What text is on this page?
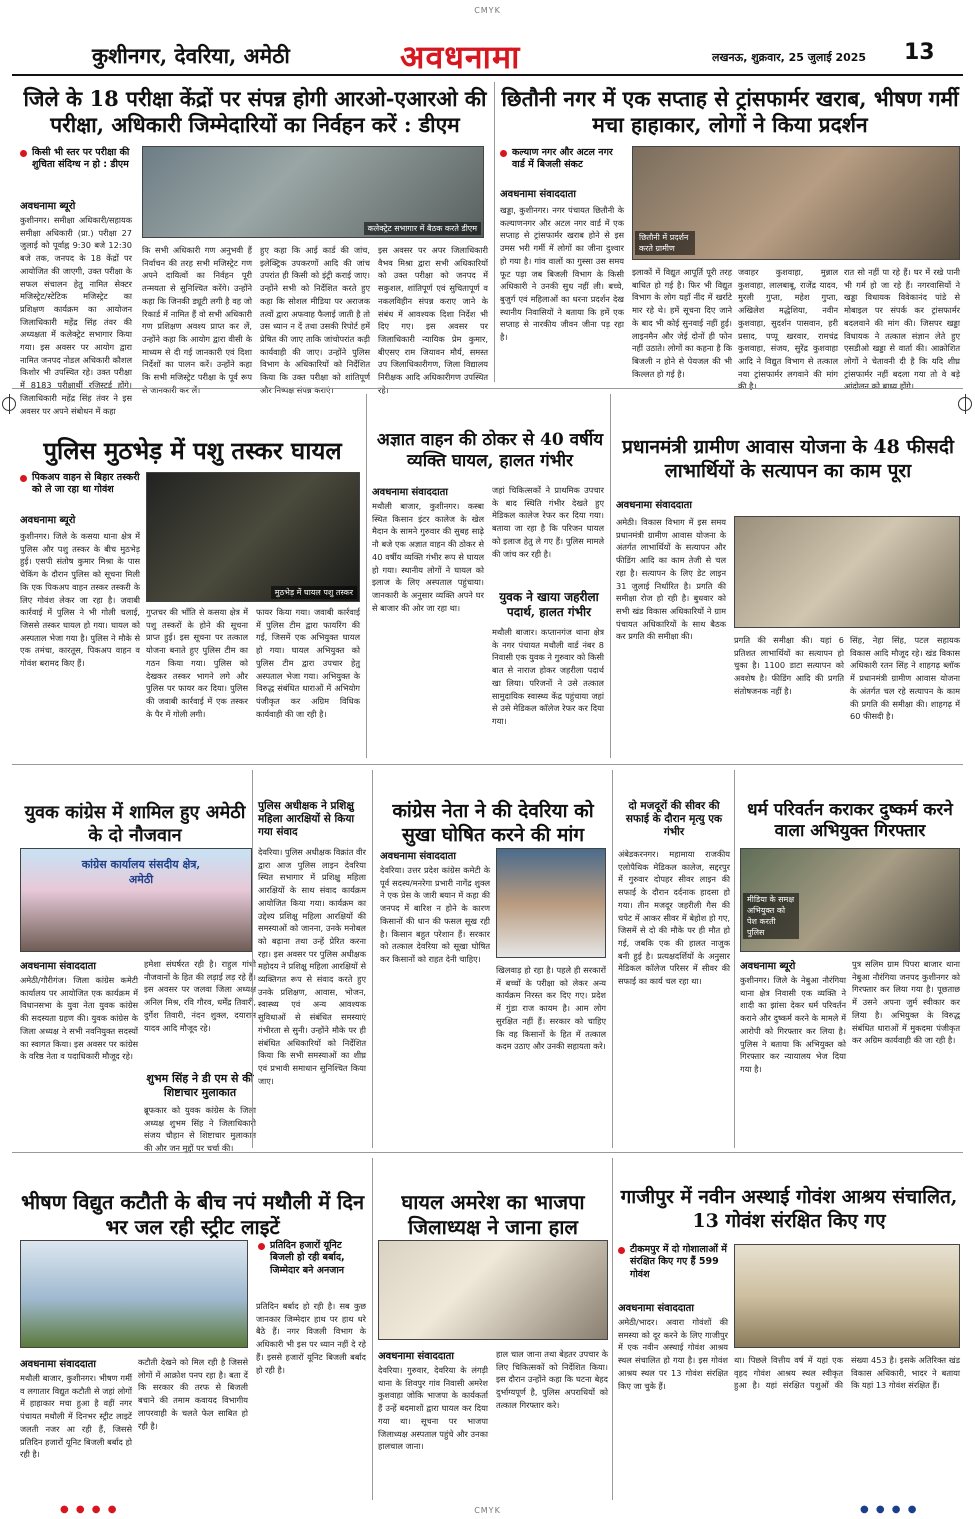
CMYK
कुशीनगर, देवरिया, अमेठी	अवधनामा	लखनऊ, शुक्रवार, 25 जुलाई 2025 13
जिले के 18 परीक्षा केंद्रों पर संपन्न होगी आरओ-एआरओ की परीक्षा, अधिकारी जिम्मेदारियों का निर्वहन करें : डीएम
किसी भी स्तर पर परीक्षा की शुचिता संदिग्ध न हो : डीएम
अवधनामा ब्यूरो
कुशीनगर। समीक्षा अधिकारी/सहायक समीक्षा अधिकारी (प्रा.) परीक्षा 27 जुलाई को पूर्वाह्न 9:30 बजे 12:30 बजे तक, जनपद के 18 केंद्रों पर आयोजित की जाएगी, उक्त परीक्षा के सफल संचालन हेतु नामित सेक्टर मजिस्ट्रेट/स्टेटिक मजिस्ट्रेट का प्रशिक्षण कार्यक्रम का आयोजन जिलाधिकारी महेंद्र सिंह तंवर की अध्यक्षता में कलेक्ट्रेट सभागार किया गया। इस अवसर पर आयोग द्वारा नामित जनपद नोडल अधिकारी कौशल किशोर भी उपस्थित रहे। उक्त परीक्षा में 8183 परीक्षार्थी रजिस्टर्ड होंगे। जिलाधिकारी महेंद्र सिंह तंवर ने इस अवसर पर अपने संबोधन में कहा
कलेक्ट्रेट सभागार में बैठक करते डीएम
कि सभी अधिकारी गण अनुभवी हैं निर्वाचन की तरह सभी मजिस्ट्रेट गण अपने दायित्वों का निर्वहन पूरी तन्मयता से सुनिश्चित करेंगे। उन्होंने कहा कि जिनकी ड्यूटी लगी है वह जो रिकार्ड में नामित हैं वो सभी अधिकारी गण प्रशिक्षण अवश्य प्राप्त कर लें, उन्होंने कहा कि आयोग द्वारा वीसी के माध्यम से दी गई जानकारी एवं दिशा निर्देशों का पालन करें। उन्होंने कहा कि सभी मजिस्ट्रेट परीक्षा के पूर्व रूप से जानकारी कर लें।
हुए कहा कि आई कार्ड की जांच, इलेक्ट्रिक उपकरणों आदि की जांच उपरांत ही किसी को इंट्री कराई जाए। उन्होंने सभी को निर्देशित करते हुए कहा कि सोशल मीडिया पर अराजक तत्वों द्वारा अफवाह फैलाई जाती है तो उस ध्यान न दें तथा उसकी रिपोर्ट हमें प्रेषित की जाए ताकि जांचोपरांत कड़ी कार्यवाही की जाए। उन्होंने पुलिस विभाग के अधिकारियों को निर्देशित किया कि उक्त परीक्षा को शांतिपूर्ण और निष्पक्ष संपन्न कराएं।
इस अवसर पर अपर जिलाधिकारी वैभव मिश्रा द्वारा सभी अधिकारियों को उक्त परीक्षा को जनपद में सकुशल, शांतिपूर्ण एवं सुचितापूर्ण व नकलविहीन संपन्न कराए जाने के संबंध में आवश्यक दिशा निर्देश भी दिए गए। इस अवसर पर जिलाधिकारी न्यायिक प्रेम कुमार, बीएसए राम जियावन मौर्य, समस्त उप जिलाधिकारीगण, जिला विद्यालय निरीक्षक आदि अधिकारीगण उपस्थित रहे।
छितौनी नगर में एक सप्ताह से ट्रांसफार्मर खराब, भीषण गर्मी मचा हाहाकार, लोगों ने किया प्रदर्शन
कल्याण नगर और अटल नगर वार्ड में बिजली संकट
अवधनामा संवाददाता
खड्डा, कुशीनगर। नगर पंचायत छितौनी के कल्याणनगर और अटल नगर वार्ड में एक सप्ताह से ट्रांसफार्मर खराब होने से इस उमस भरी गर्मी में लोगों का जीना दुश्वार हो गया है। गांव वालों का गुस्सा उस समय फूट पड़ा जब बिजली विभाग के किसी अधिकारी ने उनकी सुध नहीं ली। बच्चे, बुजुर्ग एवं महिलाओं का धरना प्रदर्शन देख स्थानीय निवासियों ने बताया कि हमें एक सप्ताह से नारकीय जीवन जीना पड़ रहा है।
छितौनी में प्रदर्शन करते ग्रामीण
इलाकों में विद्युत आपूर्ति पूरी तरह बाधित हो गई है। फिर भी विद्युत विभाग के लोग यहाँ नींद में खर्राटे मार रहे थे। हमें सूचना दिए जाने के बाद भी कोई सुनवाई नहीं हुई। लाइनमैन और जेई दोनों ही फोन नहीं उठाते। लोगों का कहना है कि बिजली न होने से पेयजल की भी किल्लत हो गई है।
जवाहर कुशवाहा, मुन्नाल कुशवाहा, लालबाबू, राजेंद्र यादव, मुरली गुप्ता, महेश गुप्ता, अखिलेश मद्धेशिया, नवीन कुशवाहा, सुदर्शन पासवान, हरी प्रसाद, पप्पू खरवार, रामचंद्र कुशवाहा, संजय, सुरेंद्र कुशवाहा आदि ने विद्युत विभाग से तत्काल नया ट्रांसफार्मर लगवाने की मांग की है।
रात सो नहीं पा रहे हैं। घर में रखे पानी भी गर्म हो जा रहे हैं। नगरवासियों ने खड्डा विधायक विवेकानंद पांडे से मोबाइल पर संपर्क कर ट्रांसफार्मर बदलवाने की मांग की। जिसपर खड्डा विधायक ने तत्काल संज्ञान लेते हुए एसडीओ खड्डा से वार्ता की। आक्रोशित लोगों ने चेतावनी दी है कि यदि शीघ्र ट्रांसफार्मर नहीं बदला गया तो वे बड़े आंदोलन को बाध्य होंगे।
पुलिस मुठभेड़ में पशु तस्कर घायल
पिकअप वाहन से बिहार तस्करी को ले जा रहा था गोवंश
अवधनामा ब्यूरो
कुशीनगर। जिले के कसया थाना क्षेत्र में पुलिस और पशु तस्कर के बीच मुठभेड़ हुई। एसपी संतोष कुमार मिश्रा के पास चेकिंग के दौरान पुलिस को सूचना मिली कि एक पिकअप वाहन तस्कर तस्करी के लिए गोवंश लेकर जा रहा है। जवाबी कार्रवाई में पुलिस ने भी गोली चलाई, जिससे तस्कर घायल हो गया। घायल को अस्पताल भेजा गया है। पुलिस ने मौके से एक तमंचा, कारतूस, पिकअप वाहन व गोवंश बरामद किए हैं।
मुठभेड़ में घायल पशु तस्कर
गुप्तचर की भाँति से कसया क्षेत्र में पशु तस्करों के होने की सूचना प्राप्त हुई। इस सूचना पर तत्काल योजना बनाते हुए पुलिस टीम का गठन किया गया। पुलिस को देखकर तस्कर भागने लगे और पुलिस पर फायर कर दिया। पुलिस की जवाबी कार्रवाई में एक तस्कर के पैर में गोली लगी।
फायर किया गया। जवाबी कार्रवाई में पुलिस टीम द्वारा फायरिंग की गई, जिसमें एक अभियुक्त घायल हो गया। घायल अभियुक्त को पुलिस टीम द्वारा उपचार हेतु अस्पताल भेजा गया। अभियुक्त के विरुद्ध संबंधित धाराओं में अभियोग पंजीकृत कर अग्रिम विधिक कार्यवाही की जा रही है।
अज्ञात वाहन की ठोकर से 40 वर्षीय व्यक्ति घायल, हालत गंभीर
अवधनामा संवाददाता
मथौली बाजार, कुशीनगर। कस्बा स्थित किसान इंटर कालेज के खेल मैदान के सामने गुरुवार की सुबह साढ़े नौ बजे एक अज्ञात वाहन की ठोकर से 40 वर्षीय व्यक्ति गंभीर रूप से घायल हो गया। स्थानीय लोगों ने घायल को इलाज के लिए अस्पताल पहुंचाया। जानकारी के अनुसार व्यक्ति अपने घर से बाजार की ओर जा रहा था।
जहां चिकित्सकों ने प्राथमिक उपचार के बाद स्थिति गंभीर देखते हुए मेडिकल कालेज रेफर कर दिया गया। बताया जा रहा है कि परिजन घायल को इलाज हेतु ले गए हैं। पुलिस मामले की जांच कर रही है।
युवक ने खाया जहरीला पदार्थ, हालत गंभीर
मथौली बाजार। कप्तानगंज थाना क्षेत्र के नगर पंचायत मथौली वार्ड नंबर 8 निवासी एक युवक ने गुरुवार को किसी बात से नाराज होकर जहरीला पदार्थ खा लिया। परिजनों ने उसे तत्काल सामुदायिक स्वास्थ्य केंद्र पहुंचाया जहां से उसे मेडिकल कॉलेज रेफर कर दिया गया।
प्रधानमंत्री ग्रामीण आवास योजना के 48 फीसदी लाभार्थियों के सत्यापन का काम पूरा
अवधनामा संवाददाता
अमेठी। विकास विभाग में इस समय प्रधानमंत्री ग्रामीण आवास योजना के अंतर्गत लाभार्थियों के सत्यापन और फीडिंग आदि का काम तेजी से चल रहा है। सत्यापन के लिए डेट लाइन 31 जुलाई निर्धारित है। प्रगति की समीक्षा रोज हो रही है। बुधवार को सभी खंड विकास अधिकारियों ने ग्राम पंचायत अधिकारियों के साथ बैठक कर प्रगति की समीक्षा की।	प्रगति की समीक्षा की। यहां 6 प्रतिशत लाभार्थियों का सत्यापन हो चुका है। 1100 डाटा सत्यापन को अवशेष है। फीडिंग आदि की प्रगति संतोषजनक नहीं है।
सिंह, नेहा सिंह, पटल सहायक विकास आदि मौजूद रहे। खंड विकास अधिकारी रतन सिंह ने शाहगढ़ ब्लॉक में प्रधानमंत्री ग्रामीण आवास योजना के अंतर्गत चल रहे सत्यापन के काम की प्रगति की समीक्षा की। शाहगढ़ में 60 फीसदी है।
युवक कांग्रेस में शामिल हुए अमेठी के दो नौजवान
कांग्रेस कार्यालय संसदीय क्षेत्र, अमेठी
अवधनामा संवाददाता
अमेठी/गौरीगंज। जिला कांग्रेस कमेटी कार्यालय पर आयोजित एक कार्यक्रम में विधानसभा के युवा नेता युवक कांग्रेस की सदस्यता ग्रहण की। युवक कांग्रेस के जिला अध्यक्ष ने सभी नवनियुक्त सदस्यों का स्वागत किया। इस अवसर पर कांग्रेस के वरिष्ठ नेता व पदाधिकारी मौजूद रहे।
हमेशा संघर्षरत रही है। राहुल गांधी नौजवानों के हित की लड़ाई लड़ रहे हैं। इस अवसर पर जलवा जिला अध्यक्ष अनिल मिश्र, रवि गौरव, धर्मेंद्र तिवारी, दुर्गेश तिवारी, नंदन शुक्ल, दयाराम यादव आदि मौजूद रहे।
शुभम सिंह ने डी एम से की शिष्टाचार मुलाकात
ब्रूफकार को युवक कांग्रेस के जिला अध्यक्ष शुभम सिंह ने जिलाधिकारी संजय चौहान से शिष्टाचार मुलाकात की और जन मुद्दों पर चर्चा की।
पुलिस अधीक्षक ने प्रशिक्षु महिला आरक्षियों से किया गया संवाद
देवरिया। पुलिस अधीक्षक विक्रांत वीर द्वारा आज पुलिस लाइन देवरिया स्थित सभागार में प्रशिक्षु महिला आरक्षियों के साथ संवाद कार्यक्रम आयोजित किया गया। कार्यक्रम का उद्देश्य प्रशिक्षु महिला आरक्षियों की समस्याओं को जानना, उनके मनोबल को बढ़ाना तथा उन्हें प्रेरित करना रहा। इस अवसर पर पुलिस अधीक्षक महोदय ने प्रशिक्षु महिला आरक्षियों से व्यक्तिगत रूप से संवाद करते हुए उनके प्रशिक्षण, आवास, भोजन, स्वास्थ्य एवं अन्य आवश्यक सुविधाओं से संबंधित समस्याएं गंभीरता से सुनी। उन्होंने मौके पर ही संबंधित अधिकारियों को निर्देशित किया कि सभी समस्याओं का शीघ्र एवं प्रभावी समाधान सुनिश्चित किया जाए।
कांग्रेस नेता ने की देवरिया को सुखा घोषित करने की मांग
अवधनामा संवाददाता
देवरिया। उत्तर प्रदेश कांग्रेस कमेटी के पूर्व सदस्य/मनरेगा प्रभारी नागेंद्र शुक्ल ने एक प्रेस के जारी बयान में कहा की जनपद में बारिश न होने के कारण किसानों की धान की फसल सूख रही है। किसान बहुत परेशान हैं। सरकार को तत्काल देवरिया को सूखा घोषित कर किसानों को राहत देनी चाहिए।
खिलवाड़ हो रहा है। पहले ही सरकारों में बच्चों के परीक्षा को लेकर अन्य कार्यक्रम निरस्त कर दिए गए। प्रदेश में गुंडा राज कायम है। आम लोग सुरक्षित नहीं हैं। सरकार को चाहिए कि वह किसानों के हित में तत्काल कदम उठाए और उनकी सहायता करे।
दो मजदूरों की सीवर की सफाई के दौरान मृत्यु एक गंभीर
अंबेडकरनगर। महामाया राजकीय एलोपैथिक मेडिकल कालेज, सद्दरपुर में गुरुवार दोपहर सीवर लाइन की सफाई के दौरान दर्दनाक हादसा हो गया। तीन मजदूर जहरीली गैस की चपेट में आकर सीवर में बेहोश हो गए, जिसमें से दो की मौके पर ही मौत हो गई, जबकि एक की हालत नाजुक बनी हुई है। प्रत्यक्षदर्शियों के अनुसार मेडिकल कॉलेज परिसर में सीवर की सफाई का कार्य चल रहा था।
धर्म परिवर्तन कराकर दुष्कर्म करने वाला अभियुक्त गिरफ्तार
मीडिया के समक्ष अभियुक्त को पेश करती पुलिस
अवधनामा ब्यूरो
कुशीनगर। जिले के नेबुआ नौरंगिया थाना क्षेत्र निवासी एक व्यक्ति ने शादी का झांसा देकर धर्म परिवर्तन कराने और दुष्कर्म करने के मामले में आरोपी को गिरफ्तार कर लिया है। पुलिस ने बताया कि अभियुक्त को गिरफ्तार कर न्यायालय भेज दिया गया है।
पुत्र सलिम ग्राम पिपरा बाजार थाना नेबुआ नौरंगिया जनपद कुशीनगर को गिरफ्तार कर लिया गया है। पूछताछ में उसने अपना जुर्म स्वीकार कर लिया है। अभियुक्त के विरुद्ध संबंधित धाराओं में मुकदमा पंजीकृत कर अग्रिम कार्यवाही की जा रही है।
भीषण विद्युत कटौती के बीच नपं मथौली में दिन भर जल रही स्ट्रीट लाइटें
प्रतिदिन हजारों यूनिट बिजली हो रही बर्बाद, जिम्मेदार बने अनजान
अवधनामा संवाददाता
मथौली बाजार, कुशीनगर। भीषण गर्मी व लगातार विद्युत कटौती से जहां लोगों में हाहाकार मचा हुआ है वहीं नगर पंचायत मथौली में दिनभर स्ट्रीट लाइटें जलती नजर आ रही हैं, जिससे प्रतिदिन हजारों यूनिट बिजली बर्बाद हो रही है।
कटौती देखने को मिल रही है जिससे लोगों में आक्रोश पनप रहा है। बता दें कि सरकार की तरफ से बिजली बचाने की तमाम कवायद विभागीय लापरवाही के चलते फेल साबित हो रही है।
प्रतिदिन बर्बाद हो रही है। सब कुछ जानकार जिम्मेदार हाथ पर हाथ धरे बैठे हैं। नगर विजली विभाग के अधिकारी भी इस पर ध्यान नहीं दे रहे हैं। इससे हजारों यूनिट बिजली बर्बाद हो रही है।
घायल अमरेश का भाजपा जिलाध्यक्ष ने जाना हाल
अवधनामा संवाददाता
देवरिया। गुरुवार, देवरिया के लंगड़ी थाना के शिवपुर गांव निवासी अमरेश कुशवाहा जोकि भाजपा के कार्यकर्ता हैं उन्हें बदमाशों द्वारा घायल कर दिया गया था। सूचना पर भाजपा जिलाध्यक्ष अस्पताल पहुंचे और उनका हालचाल जाना।
हाल चाल जाना तथा बेहतर उपचार के लिए चिकित्सकों को निर्देशित किया। इस दौरान उन्होंने कहा कि घटना बेहद दुर्भाग्यपूर्ण है, पुलिस अपराधियों को तत्काल गिरफ्तार करे।
गाजीपुर में नवीन अस्थाई गोवंश आश्रय संचालित, 13 गोवंश संरक्षित किए गए
टीकमपुर में दो गोशालाओं में संरक्षित किए गए हैं 599 गोवंश
अवधनामा संवाददाता
अमेठी/भादर। अवारा गोवंशों की समस्या को दूर करने के लिए गाजीपुर में एक नवीन अस्थाई गोवंश आश्रय स्थल संचालित हो गया है। इस गोवंश आश्रय स्थल पर 13 गोवंश संरक्षित किए जा चुके हैं।
था। पिछले वित्तीय वर्ष में यहां एक वृहद गोवंश आश्रय स्थल स्वीकृत हुआ है। यहां संरक्षित पशुओं की संख्या 453 है। इसके अतिरिक्त खंड विकास अधिकारी, भादर ने बताया कि यहां 13 गोवंश संरक्षित हैं।
● ● ● ●	CMYK	● ● ● ●
